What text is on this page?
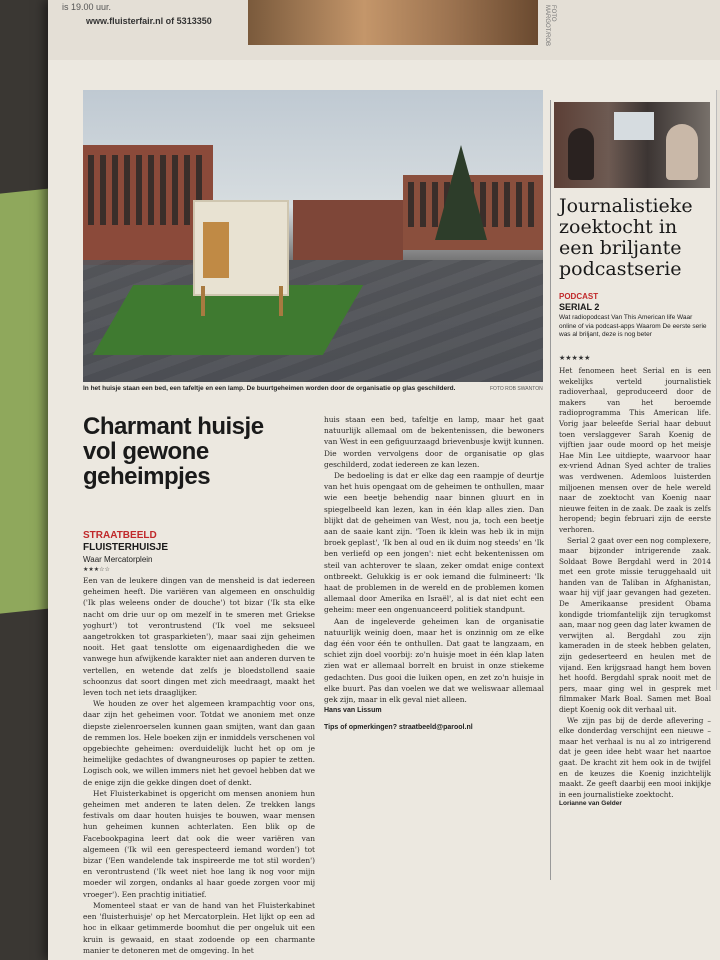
is 19.00 uur.
www.fluisterfair.nl of 5313350	FOTO MARGOT/ROB
In het huisje staan een bed, een tafeltje en een lamp. De buurtgeheimen worden door de organisatie op glas geschilderd.	FOTO ROB SWANTON
Charmant huisje vol gewone geheimpjes
STRAATBEELD
FLUISTERHUISJE
Waar Mercatorplein
★★★☆☆

Een van de leukere dingen van de mensheid is dat iedereen geheimen heeft. Die variëren van algemeen en onschuldig ('Ik plas weleens onder de douche') tot bizar ('Ik sta elke nacht om drie uur op om mezelf in te smeren met Griekse yoghurt') tot verontrustend ('Ik voel me seksueel aangetrokken tot grasparkieten'), maar saai zijn geheimen nooit. Het gaat tenslotte om eigenaardigheden die we vanwege hun afwijkende karakter niet aan anderen durven te vertellen, en wetende dat zelfs je bloedstollend saaie schoonzus dat soort dingen met zich meedraagt, maakt het leven toch net iets draaglijker.

We houden ze over het algemeen krampachtig voor ons, daar zijn het geheimen voor. Totdat we anoniem met onze diepste zielenroerselen kunnen gaan smijten, want dan gaan de remmen los. Hele boeken zijn er inmiddels verschenen vol opgebiechte geheimen: overduidelijk lucht het op om je heimelijke gedachtes of dwangneuroses op papier te zetten. Logisch ook, we willen immers niet het gevoel hebben dat we de enige zijn die gekke dingen doet of denkt.

Het Fluisterkabinet is opgericht om mensen anoniem hun geheimen met anderen te laten delen. Ze trekken langs festivals om daar houten huisjes te bouwen, waar mensen hun geheimen kunnen achterlaten. Een blik op de Facebookpagina leert dat ook die weer variëren van algemeen ('Ik wil een gerespecteerd iemand worden') tot bizar ('Een wandelende tak inspireerde me tot stil worden') en verontrustend ('Ik weet niet hoe lang ik nog voor mijn moeder wil zorgen, ondanks al haar goede zorgen voor mij vroeger'). Een prachtig initiatief.

Momenteel staat er van de hand van het Fluisterkabinet een 'fluisterhuisje' op het Mercatorplein. Het lijkt op een ad hoc in elkaar getimmerde boomhut die per ongeluk uit een kruin is gewaaid, en staat zodoende op een charmante manier te detoneren met de omgeving. In het

huis staan een bed, tafeltje en lamp, maar het gaat natuurlijk allemaal om de bekentenissen, die bewoners van West in een gefiguurzaagd brievenbusje kwijt kunnen. Die worden vervolgens door de organisatie op glas geschilderd, zodat iedereen ze kan lezen.

De bedoeling is dat er elke dag een raampje of deurtje van het huis opengaat om de geheimen te onthullen, maar wie een beetje behendig naar binnen gluurt en in spiegelbeeld kan lezen, kan in één klap alles zien. Dan blijkt dat de geheimen van West, nou ja, toch een beetje aan de saaie kant zijn. 'Toen ik klein was heb ik in mijn broek geplast', 'Ik ben al oud en ik duim nog steeds' en 'Ik ben verliefd op een jongen': niet echt bekentenissen om steil van achterover te slaan, zeker omdat enige context ontbreekt. Gelukkig is er ook iemand die fulmineert: 'Ik haat de problemen in de wereld en de problemen komen allemaal door Amerika en Israël', al is dat niet echt een geheim: meer een ongenuanceerd politiek standpunt.

Aan de ingeleverde geheimen kan de organisatie natuurlijk weinig doen, maar het is onzinnig om ze elke dag één voor één te onthullen. Dat gaat te langzaam, en schiet zijn doel voorbij: zo'n huisje moet in één klap laten zien wat er allemaal borrelt en bruist in onze stiekeme gedachten. Dus gooi die luiken open, en zet zo'n huisje in elke buurt. Pas dan voelen we dat we weliswaar allemaal gek zijn, maar in elk geval niet alleen.

Hans van Lissum

Tips of opmerkingen? straatbeeld@parool.nl

Journalistieke zoektocht in een briljante podcastserie
PODCAST
SERIAL 2
Wat radiopodcast Van This American life Waar online of via podcast-apps Waarom De eerste serie was al briljant, deze is nog beter
★★★★★

Het fenomeen heet Serial en is een wekelijks verteld journalistiek radioverhaal, geproduceerd door de makers van het beroemde radioprogramma This American life. Vorig jaar beleefde Serial haar debuut toen verslaggever Sarah Koenig de vijftien jaar oude moord op het meisje Hae Min Lee uitdiepte, waarvoor haar ex-vriend Adnan Syed achter de tralies was verdwenen. Ademloos luisterden miljoenen mensen over de hele wereld naar de zoektocht van Koenig naar nieuwe feiten in de zaak. De zaak is zelfs heropend; begin februari zijn de eerste verhoren.

Serial 2 gaat over een nog complexere, maar bijzonder intrigerende zaak. Soldaat Bowe Bergdahl werd in 2014 met een grote missie teruggehaald uit handen van de Taliban in Afghanistan, waar hij vijf jaar gevangen had gezeten. De Amerikaanse president Obama kondigde triomfantelijk zijn terugkomst aan, maar nog geen dag later kwamen de verwijten al. Bergdahl zou zijn kameraden in de steek hebben gelaten, zijn gedeserteerd en heulen met de vijand. Een krijgsraad hangt hem boven het hoofd. Bergdahl sprak nooit met de pers, maar ging wel in gesprek met filmmaker Mark Boal. Samen met Boal diept Koenig ook dit verhaal uit.

We zijn pas bij de derde aflevering – elke donderdag verschijnt een nieuwe – maar het verhaal is nu al zo intrigerend dat je geen idee hebt waar het naartoe gaat. De kracht zit hem ook in de twijfel en de keuzes die Koenig inzichtelijk maakt. Ze geeft daarbij een mooi inkijkje in een journalistieke zoektocht.

Lorianne van Gelder
